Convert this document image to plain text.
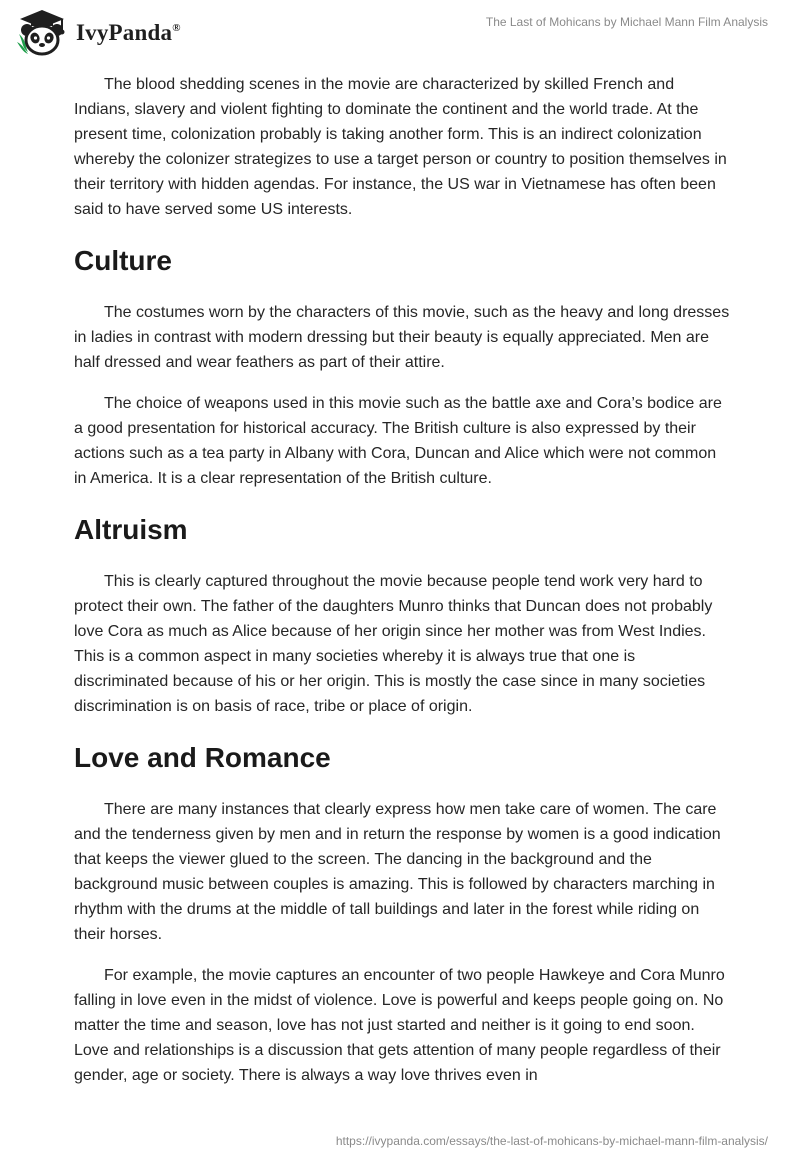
IvyPanda®	The Last of Mohicans by Michael Mann Film Analysis

The blood shedding scenes in the movie are characterized by skilled French and Indians, slavery and violent fighting to dominate the continent and the world trade. At the present time, colonization probably is taking another form. This is an indirect colonization whereby the colonizer strategizes to use a target person or country to position themselves in their territory with hidden agendas. For instance, the US war in Vietnamese has often been said to have served some US interests.

Culture

The costumes worn by the characters of this movie, such as the heavy and long dresses in ladies in contrast with modern dressing but their beauty is equally appreciated. Men are half dressed and wear feathers as part of their attire.

The choice of weapons used in this movie such as the battle axe and Cora’s bodice are a good presentation for historical accuracy. The British culture is also expressed by their actions such as a tea party in Albany with Cora, Duncan and Alice which were not common in America. It is a clear representation of the British culture.

Altruism

This is clearly captured throughout the movie because people tend work very hard to protect their own. The father of the daughters Munro thinks that Duncan does not probably love Cora as much as Alice because of her origin since her mother was from West Indies. This is a common aspect in many societies whereby it is always true that one is discriminated because of his or her origin. This is mostly the case since in many societies discrimination is on basis of race, tribe or place of origin.

Love and Romance

There are many instances that clearly express how men take care of women. The care and the tenderness given by men and in return the response by women is a good indication that keeps the viewer glued to the screen. The dancing in the background and the background music between couples is amazing. This is followed by characters marching in rhythm with the drums at the middle of tall buildings and later in the forest while riding on their horses.

For example, the movie captures an encounter of two people Hawkeye and Cora Munro falling in love even in the midst of violence. Love is powerful and keeps people going on. No matter the time and season, love has not just started and neither is it going to end soon. Love and relationships is a discussion that gets attention of many people regardless of their gender, age or society. There is always a way love thrives even in

https://ivypanda.com/essays/the-last-of-mohicans-by-michael-mann-film-analysis/
